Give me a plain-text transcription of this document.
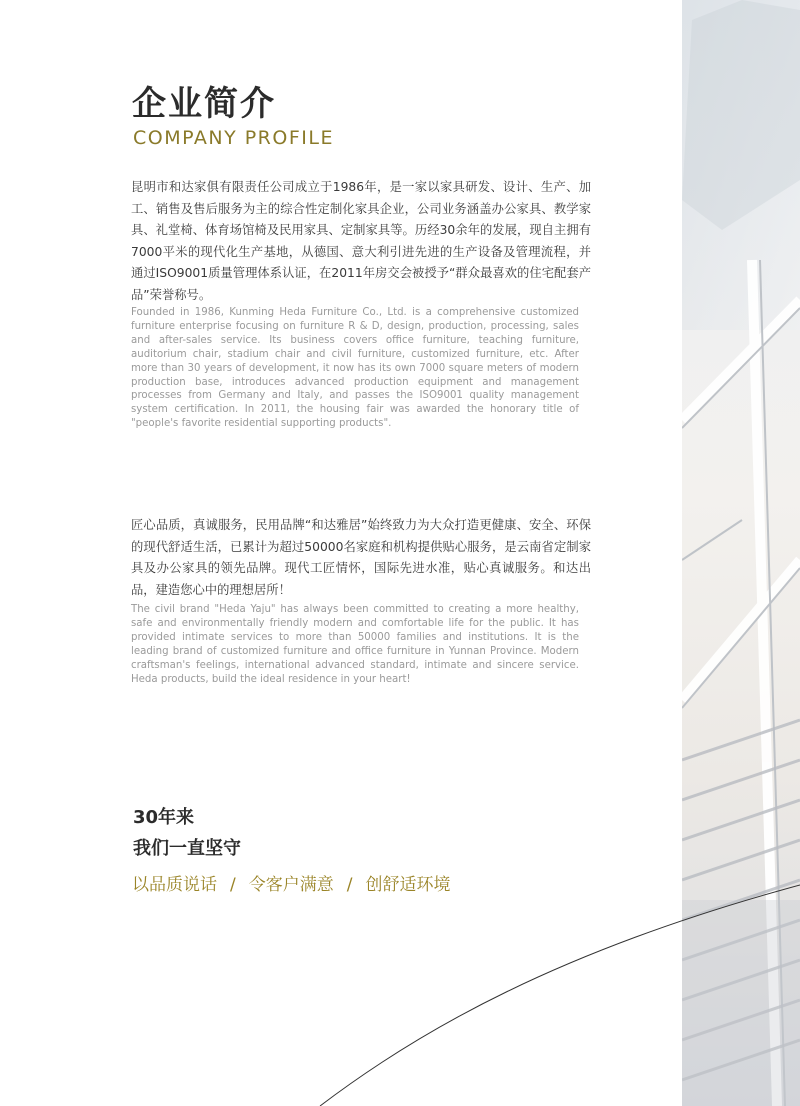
企业简介
COMPANY PROFILE
昆明市和达家俱有限责任公司成立于1986年，是一家以家具研发、设计、生产、加工、销售及售后服务为主的综合性定制化家具企业，公司业务涵盖办公家具、教学家具、礼堂椅、体育场馆椅及民用家具、定制家具等。历经30余年的发展，现自主拥有7000平米的现代化生产基地，从德国、意大利引进先进的生产设备及管理流程，并通过ISO9001质量管理体系认证，在2011年房交会被授予“群众最喜欢的住宅配套产品”荣誉称号。
Founded in 1986, Kunming Heda Furniture Co., Ltd. is a comprehensive customized furniture enterprise focusing on furniture R & D, design, production, processing, sales and after-sales service. Its business covers office furniture, teaching furniture, auditorium chair, stadium chair and civil furniture, customized furniture, etc. After more than 30 years of development, it now has its own 7000 square meters of modern production base, introduces advanced production equipment and management processes from Germany and Italy, and passes the ISO9001 quality management system certification. In 2011, the housing fair was awarded the honorary title of "people's favorite residential supporting products".
匠心品质，真诚服务，民用品牌“和达雅居”始终致力为大众打造更健康、安全、环保的现代舒适生活，已累计为超过50000名家庭和机构提供贴心服务，是云南省定制家具及办公家具的领先品牌。现代工匠情怀，国际先进水准，贴心真诚服务。和达出品，建造您心中的理想居所！
The civil brand "Heda Yaju" has always been committed to creating a more healthy, safe and environmentally friendly modern and comfortable life for the public. It has provided intimate services to more than 50000 families and institutions. It is the leading brand of customized furniture and office furniture in Yunnan Province. Modern craftsman's feelings, international advanced standard, intimate and sincere service. Heda products, build the ideal residence in your heart!
30年来
我们一直坚守
以品质说话 / 令客户满意 / 创舒适环境
